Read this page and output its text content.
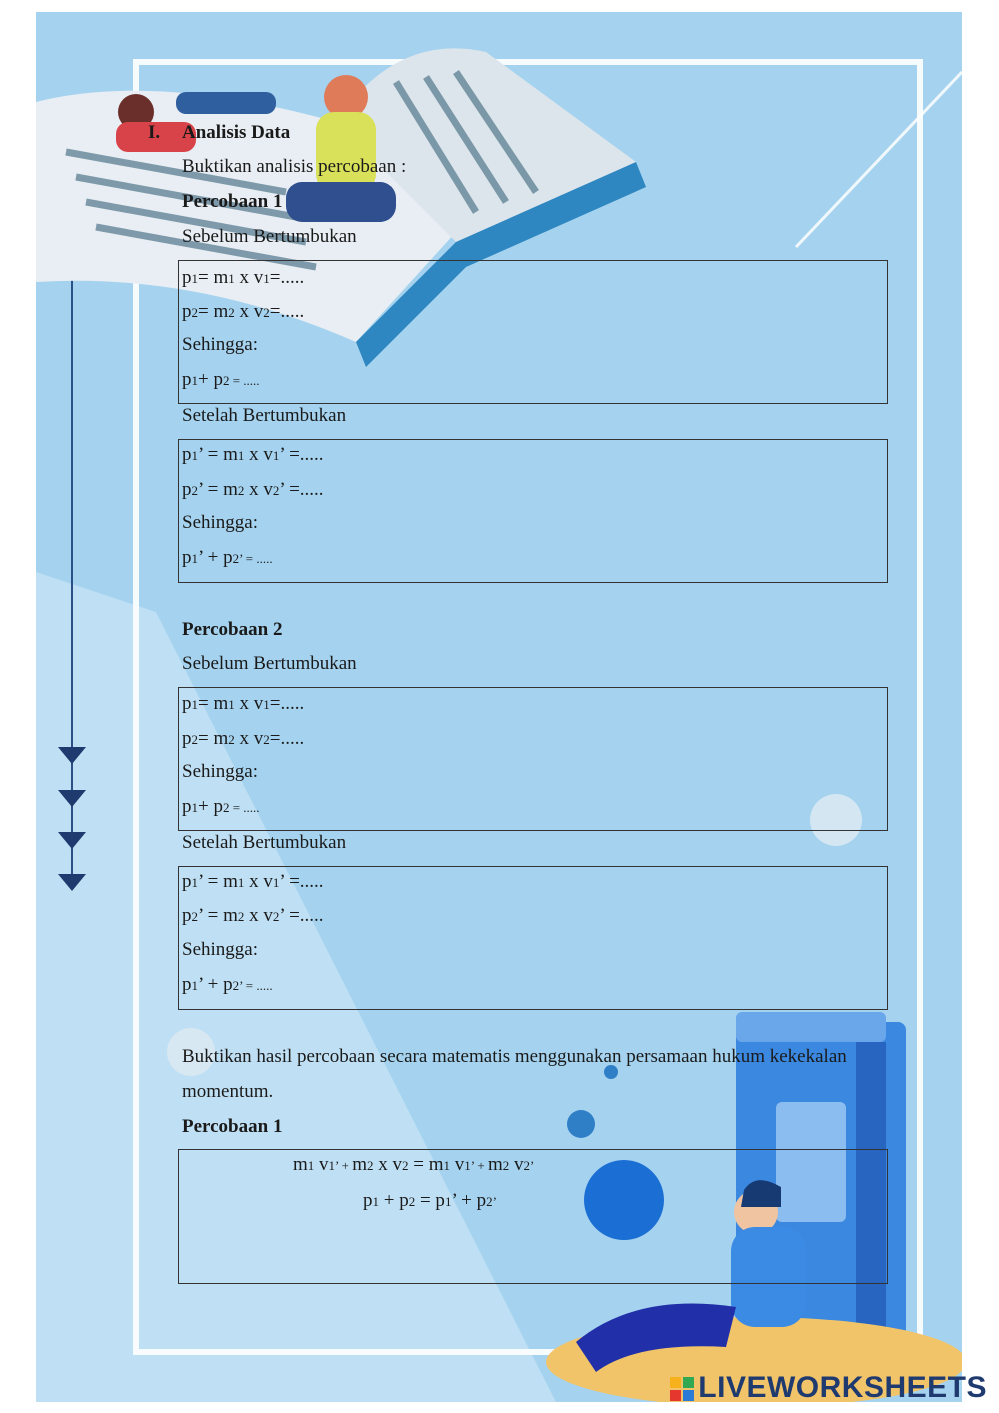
I. Analisis Data
Buktikan analisis percobaan :
Percobaan 1
Sebelum Bertumbukan
p1= m1 x v1=.....
p2= m2 x v2=.....
Sehingga:
p1+ p2 = .....
Setelah Bertumbukan
p1’ = m1 x v1’ =.....
p2’ = m2 x v2’ =.....
Sehingga:
p1’ + p2’ = .....
Percobaan 2
Sebelum Bertumbukan
p1= m1 x v1=.....
p2= m2 x v2=.....
Sehingga:
p1+ p2 = .....
Setelah Bertumbukan
p1’ = m1 x v1’ =.....
p2’ = m2 x v2’ =.....
Sehingga:
p1’ + p2’ = .....
Buktikan hasil percobaan secara matematis menggunakan persamaan hukum kekekalan
momentum.
Percobaan 1
m1 v1’ + m2 x v2 = m1 v1’ + m2 v2’
p1 + p2 = p1’ + p2’
LIVEWORKSHEETS
